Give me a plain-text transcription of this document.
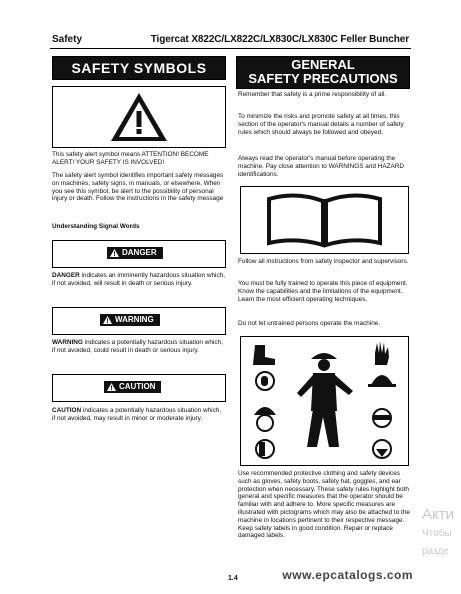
Safety	Tigercat X822C/LX822C/LX830C/LX830C Feller Buncher
SAFETY SYMBOLS

This safety alert symbol means ATTENTION! BECOME ALERT! YOUR SAFETY IS INVOLVED!

The safety alert symbol identifies important safety messages on machines, safety signs, in manuals, or elsewhere. When you see this symbol, be alert to the possibility of personal injury or death. Follow the instructions in the safety message

Understanding Signal Words

DANGER

DANGER indicates an imminently hazardous situation which, if not avoided, will result in death or serious injury.

WARNING

WARNING indicates a potentially hazardous situation which, if not avoided, could result in death or serious injury.

CAUTION

CAUTION indicates a potentially hazardous situation which, if not avoided, may result in minor or moderate injury.

GENERAL
SAFETY PRECAUTIONS

Remember that safety is a prime responsibility of all.

To minimize the risks and promote safety at all times, this section of the operator's manual details a number of safety rules which should always be followed and obeyed.

Always read the operator's manual before operating the machine. Pay close attention to WARNINGS and HAZARD identifications.

Follow all instructions from safety inspector and supervisors.

You must be fully trained to operate this piece of equipment. Know the capabilities and the limitations of the equipment. Learn the most efficient operating techniques.

Do not let untrained persons operate the machine.

Use recommended protective clothing and safety devices such as gloves, safety boots, safety hat, goggles, and ear protection when necessary. These safety rules highlight both general and specific measures that the operator should be familiar with and adhere to. More specific measures are illustrated with pictograms which may also be attached to the machine in locations pertinent to their respective message. Keep safety labels in good condition. Repair or replace damaged labels.

1.4	www.epcatalogs.com
Акти
Чтобы
разде
